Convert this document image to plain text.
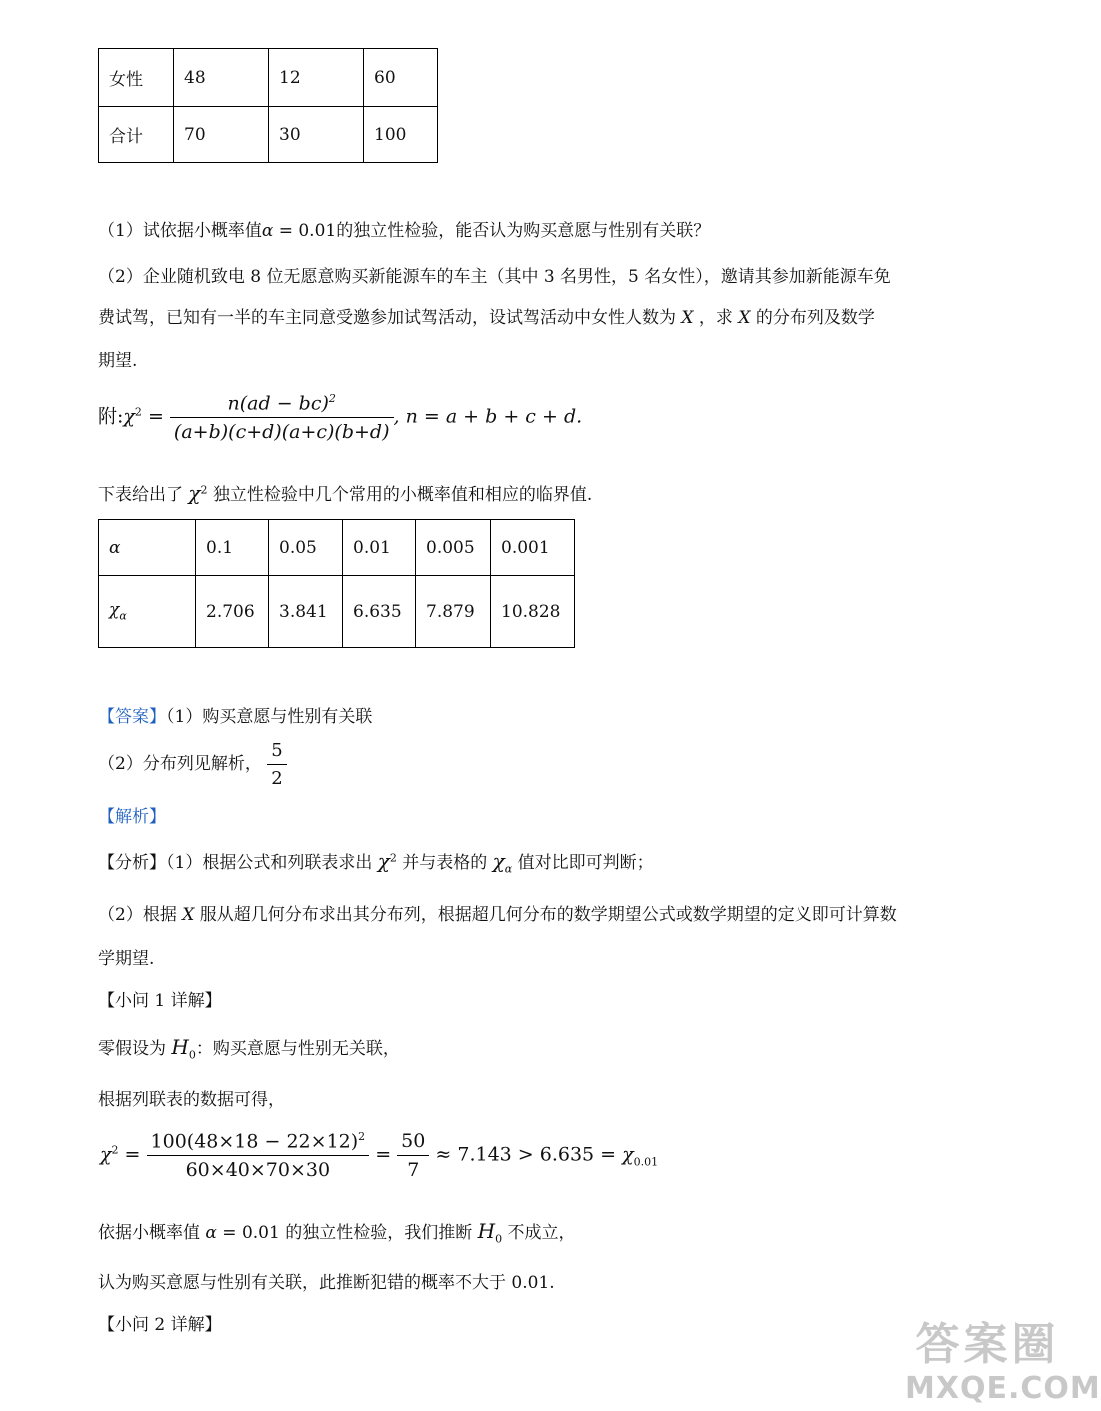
女性	48	12	60
合计	70	30	100
（1）试依据小概率值α = 0.01的独立性检验，能否认为购买意愿与性别有关联？
（2）企业随机致电 8 位无愿意购买新能源车的车主（其中 3 名男性，5 名女性），邀请其参加新能源车免
费试驾，已知有一半的车主同意受邀参加试驾活动，设试驾活动中女性人数为 X ，求 X 的分布列及数学
期望.
附$:\chi^2 = \frac{n(ad - bc)^2}{(a+b)(c+d)(a+c)(b+d)}$ , n = a + b + c + d.
下表给出了 $\chi^2$ 独立性检验中几个常用的小概率值和相应的临界值.
α	0.1	0.05	0.01	0.005	0.001
$\chi_\alpha$	2.706	3.841	6.635	7.879	10.828
【答案】（1）购买意愿与性别有关联
（2）分布列见解析， $\frac{5}{2}$
【解析】
【分析】（1）根据公式和列联表求出 $\chi^2$ 并与表格的 $\chi_\alpha$ 值对比即可判断；
（2）根据 X 服从超几何分布求出其分布列，根据超几何分布的数学期望公式或数学期望的定义即可计算数
学期望.
【小问 1 详解】
零假设为 $H_0$：购买意愿与性别无关联，
根据列联表的数据可得，
$\chi^2 = \frac{100(48\times 18 - 22\times 12)^2}{60\times 40\times 70\times 30} = \frac{50}{7} \approx 7.143 > 6.635 = \chi_{0.01}$
依据小概率值 α = 0.01 的独立性检验，我们推断 $H_0$ 不成立，
认为购买意愿与性别有关联，此推断犯错的概率不大于 0.01.
【小问 2 详解】	答案圈
MXQE.COM
